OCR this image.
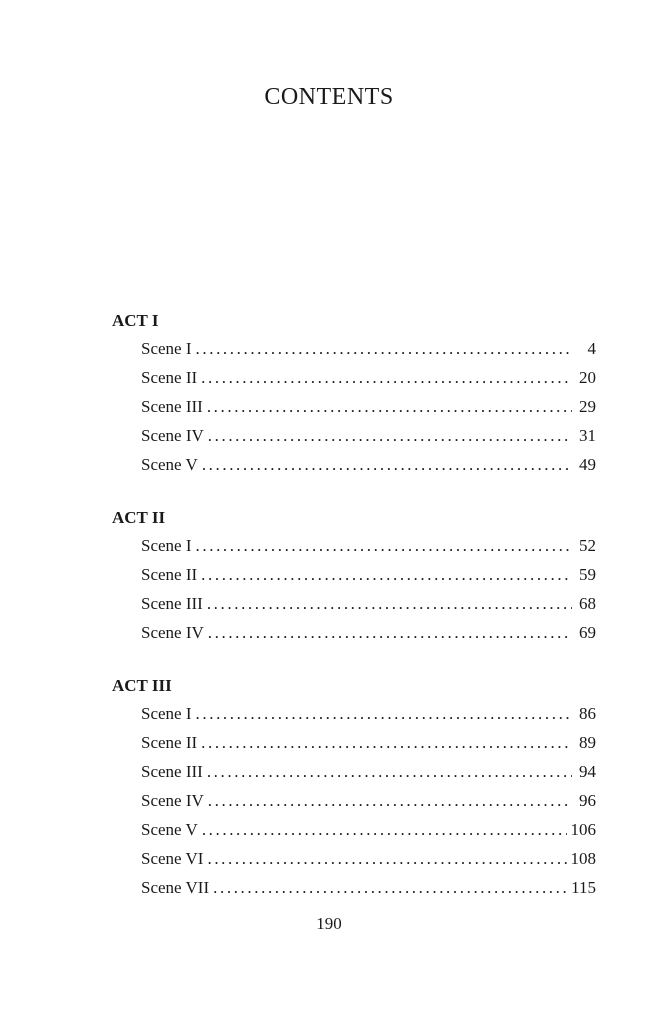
CONTENTS
ACT I
Scene I .....	4
Scene II .....	20
Scene III .....	29
Scene IV .....	31
Scene V .....	49
ACT II
Scene I .....	52
Scene II .....	59
Scene III .....	68
Scene IV .....	69
ACT III
Scene I .....	86
Scene II .....	89
Scene III .....	94
Scene IV .....	96
Scene V .....	106
Scene VI .....	108
Scene VII .....	115
190
